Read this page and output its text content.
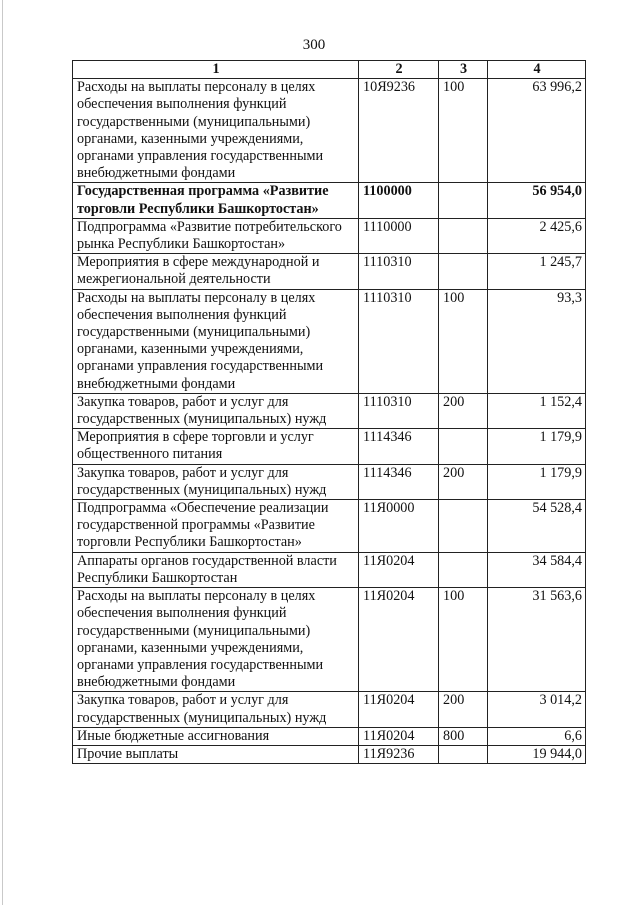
300
1	2	3	4
Расходы на выплаты персоналу в целях обеспечения выполнения функций государственными (муниципальными) органами, казенными учреждениями, органами управления государственными внебюджетными фондами	10Я9236	100	63 996,2
Государственная программа «Развитие торговли Республики Башкортостан»	1100000		56 954,0
Подпрограмма «Развитие потребительского рынка Республики Башкортостан»	1110000		2 425,6
Мероприятия в сфере международной и межрегиональной деятельности	1110310		1 245,7
Расходы на выплаты персоналу в целях обеспечения выполнения функций государственными (муниципальными) органами, казенными учреждениями, органами управления государственными внебюджетными фондами	1110310	100	93,3
Закупка товаров, работ и услуг для государственных (муниципальных) нужд	1110310	200	1 152,4
Мероприятия в сфере торговли и услуг общественного питания	1114346		1 179,9
Закупка товаров, работ и услуг для государственных (муниципальных) нужд	1114346	200	1 179,9
Подпрограмма «Обеспечение реализации государственной программы «Развитие торговли Республики Башкортостан»	11Я0000		54 528,4
Аппараты органов государственной власти Республики Башкортостан	11Я0204		34 584,4
Расходы на выплаты персоналу в целях обеспечения выполнения функций государственными (муниципальными) органами, казенными учреждениями, органами управления государственными внебюджетными фондами	11Я0204	100	31 563,6
Закупка товаров, работ и услуг для государственных (муниципальных) нужд	11Я0204	200	3 014,2
Иные бюджетные ассигнования	11Я0204	800	6,6
Прочие выплаты	11Я9236		19 944,0
